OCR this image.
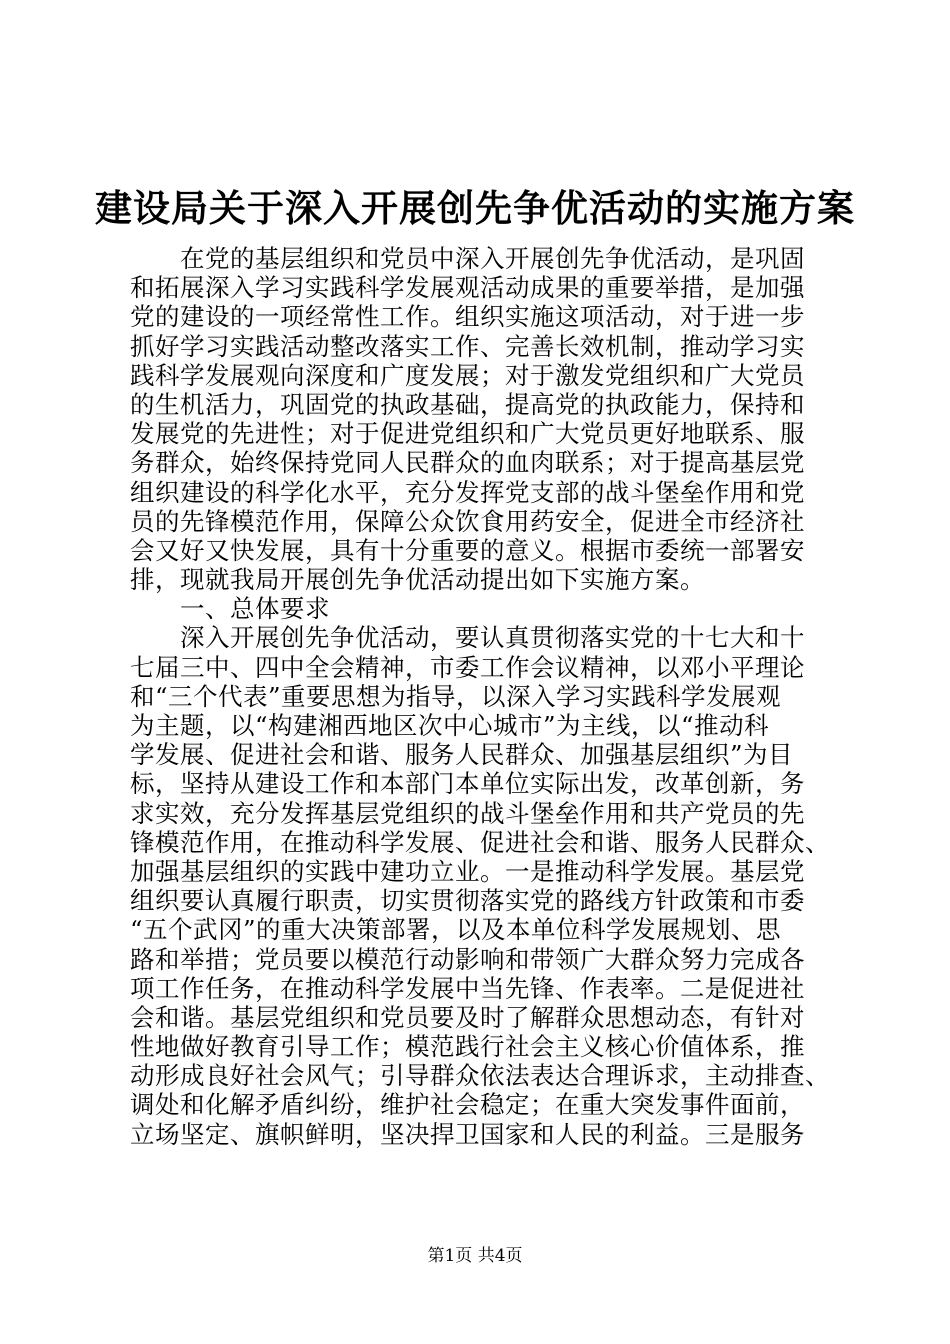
建设局关于深入开展创先争优活动的实施方案
　　在党的基层组织和党员中深入开展创先争优活动，是巩固
和拓展深入学习实践科学发展观活动成果的重要举措，是加强
党的建设的一项经常性工作。组织实施这项活动，对于进一步
抓好学习实践活动整改落实工作、完善长效机制，推动学习实
践科学发展观向深度和广度发展；对于激发党组织和广大党员
的生机活力，巩固党的执政基础，提高党的执政能力，保持和
发展党的先进性；对于促进党组织和广大党员更好地联系、服
务群众，始终保持党同人民群众的血肉联系；对于提高基层党
组织建设的科学化水平，充分发挥党支部的战斗堡垒作用和党
员的先锋模范作用，保障公众饮食用药安全，促进全市经济社
会又好又快发展，具有十分重要的意义。根据市委统一部署安
排，现就我局开展创先争优活动提出如下实施方案。
　　一、总体要求
　　深入开展创先争优活动，要认真贯彻落实党的十七大和十
七届三中、四中全会精神，市委工作会议精神，以邓小平理论
和“三个代表”重要思想为指导，以深入学习实践科学发展观
为主题，以“构建湘西地区次中心城市”为主线，以“推动科
学发展、促进社会和谐、服务人民群众、加强基层组织”为目
标，坚持从建设工作和本部门本单位实际出发，改革创新，务
求实效，充分发挥基层党组织的战斗堡垒作用和共产党员的先
锋模范作用，在推动科学发展、促进社会和谐、服务人民群众、
加强基层组织的实践中建功立业。一是推动科学发展。基层党
组织要认真履行职责，切实贯彻落实党的路线方针政策和市委
“五个武冈”的重大决策部署，以及本单位科学发展规划、思
路和举措；党员要以模范行动影响和带领广大群众努力完成各
项工作任务，在推动科学发展中当先锋、作表率。二是促进社
会和谐。基层党组织和党员要及时了解群众思想动态，有针对
性地做好教育引导工作；模范践行社会主义核心价值体系，推
动形成良好社会风气；引导群众依法表达合理诉求，主动排查、
调处和化解矛盾纠纷，维护社会稳定；在重大突发事件面前，
立场坚定、旗帜鲜明，坚决捍卫国家和人民的利益。三是服务
第1页 共4页
